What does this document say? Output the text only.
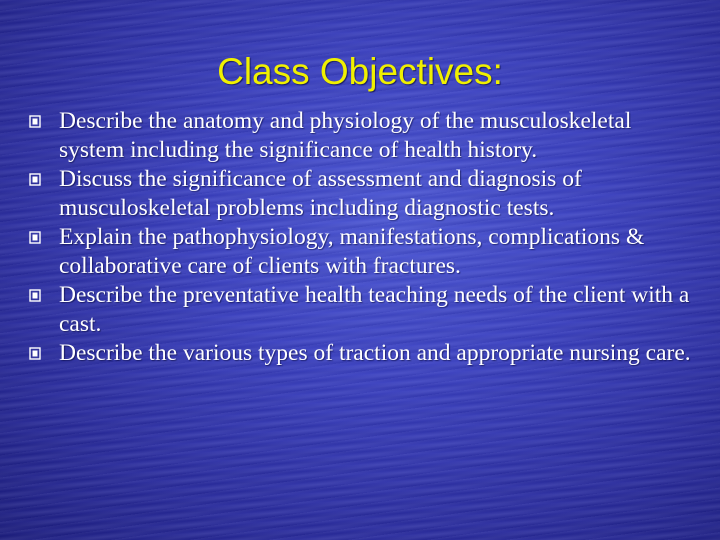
Class Objectives:
Describe the anatomy and physiology of the musculoskeletal system including the significance of health history.
Discuss the significance of assessment and diagnosis of musculoskeletal problems including diagnostic tests.
Explain the pathophysiology, manifestations, complications & collaborative care of clients with fractures.
Describe the preventative health teaching needs of the client with a cast.
Describe the various types of traction and appropriate nursing care.
